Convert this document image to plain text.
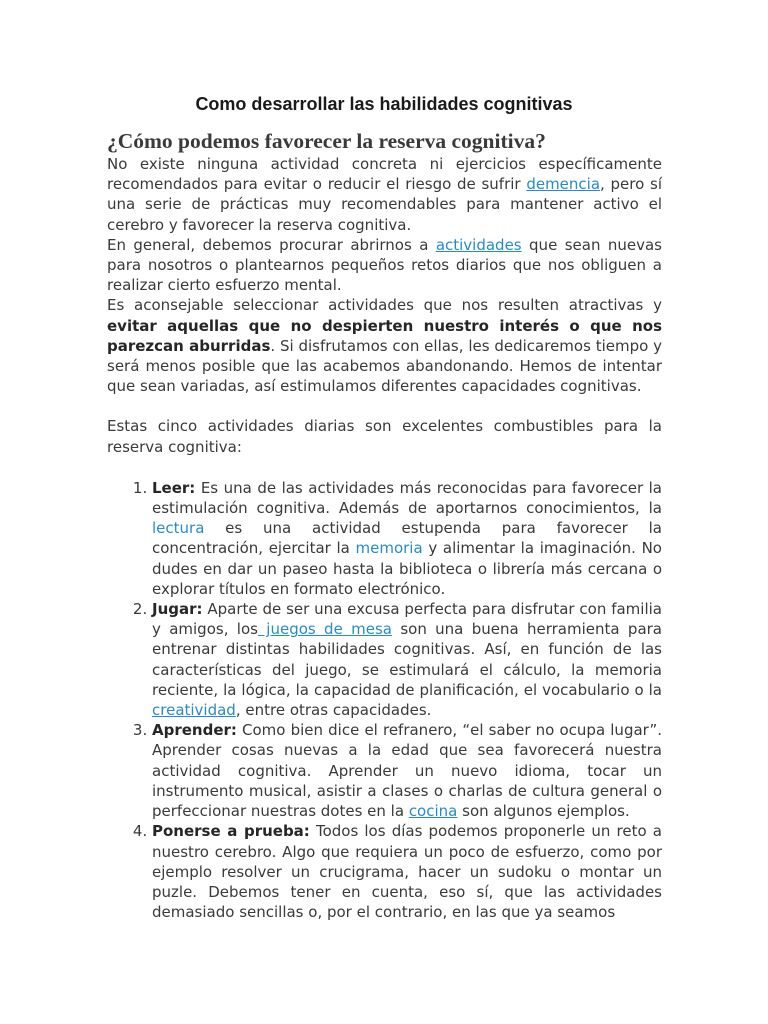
Como desarrollar las habilidades cognitivas
¿Cómo podemos favorecer la reserva cognitiva?

No existe ninguna actividad concreta ni ejercicios específicamente recomendados para evitar o reducir el riesgo de sufrir demencia, pero sí una serie de prácticas muy recomendables para mantener activo el cerebro y favorecer la reserva cognitiva.

En general, debemos procurar abrirnos a actividades que sean nuevas para nosotros o plantearnos pequeños retos diarios que nos obliguen a realizar cierto esfuerzo mental.

Es aconsejable seleccionar actividades que nos resulten atractivas y evitar aquellas que no despierten nuestro interés o que nos parezcan aburridas. Si disfrutamos con ellas, les dedicaremos tiempo y será menos posible que las acabemos abandonando. Hemos de intentar que sean variadas, así estimulamos diferentes capacidades cognitivas.

Estas cinco actividades diarias son excelentes combustibles para la reserva cognitiva:

1. Leer: Es una de las actividades más reconocidas para favorecer la estimulación cognitiva. Además de aportarnos conocimientos, la lectura es una actividad estupenda para favorecer la concentración, ejercitar la memoria y alimentar la imaginación. No dudes en dar un paseo hasta la biblioteca o librería más cercana o explorar títulos en formato electrónico.
2. Jugar: Aparte de ser una excusa perfecta para disfrutar con familia y amigos, los juegos de mesa son una buena herramienta para entrenar distintas habilidades cognitivas. Así, en función de las características del juego, se estimulará el cálculo, la memoria reciente, la lógica, la capacidad de planificación, el vocabulario o la creatividad, entre otras capacidades.
3. Aprender: Como bien dice el refranero, “el saber no ocupa lugar”. Aprender cosas nuevas a la edad que sea favorecerá nuestra actividad cognitiva. Aprender un nuevo idioma, tocar un instrumento musical, asistir a clases o charlas de cultura general o perfeccionar nuestras dotes en la cocina son algunos ejemplos.
4. Ponerse a prueba: Todos los días podemos proponerle un reto a nuestro cerebro. Algo que requiera un poco de esfuerzo, como por ejemplo resolver un crucigrama, hacer un sudoku o montar un puzle. Debemos tener en cuenta, eso sí, que las actividades demasiado sencillas o, por el contrario, en las que ya seamos
